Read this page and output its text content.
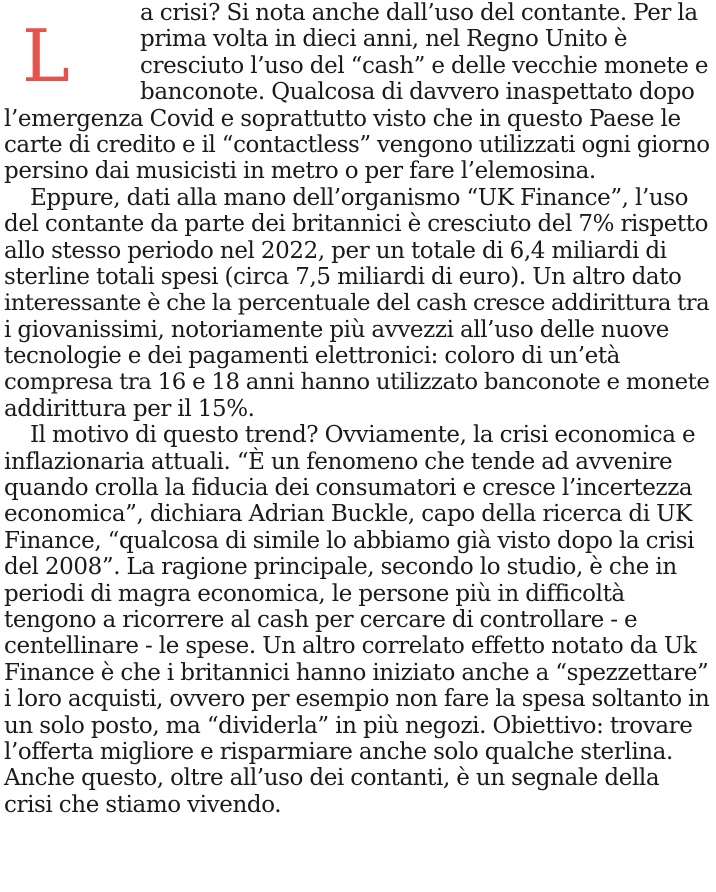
L

a crisi? Si nota anche dall’uso del contante. Per la
prima volta in dieci anni, nel Regno Unito è
cresciuto l’uso del “cash” e delle vecchie monete e
banconote. Qualcosa di davvero inaspettato dopo
l’emergenza Covid e soprattutto visto che in questo Paese le
carte di credito e il “contactless” vengono utilizzati ogni giorno
persino dai musicisti in metro o per fare l’elemosina.

Eppure, dati alla mano dell’organismo “UK Finance”, l’uso
del contante da parte dei britannici è cresciuto del 7% rispetto
allo stesso periodo nel 2022, per un totale di 6,4 miliardi di
sterline totali spesi (circa 7,5 miliardi di euro). Un altro dato
interessante è che la percentuale del cash cresce addirittura tra
i giovanissimi, notoriamente più avvezzi all’uso delle nuove
tecnologie e dei pagamenti elettronici: coloro di un’età
compresa tra 16 e 18 anni hanno utilizzato banconote e monete
addirittura per il 15%.

Il motivo di questo trend? Ovviamente, la crisi economica e
inflazionaria attuali. “È un fenomeno che tende ad avvenire
quando crolla la fiducia dei consumatori e cresce l’incertezza
economica”, dichiara Adrian Buckle, capo della ricerca di UK
Finance, “qualcosa di simile lo abbiamo già visto dopo la crisi
del 2008”. La ragione principale, secondo lo studio, è che in
periodi di magra economica, le persone più in difficoltà
tengono a ricorrere al cash per cercare di controllare - e
centellinare - le spese. Un altro correlato effetto notato da Uk
Finance è che i britannici hanno iniziato anche a “spezzettare”
i loro acquisti, ovvero per esempio non fare la spesa soltanto in
un solo posto, ma “dividerla” in più negozi. Obiettivo: trovare
l’offerta migliore e risparmiare anche solo qualche sterlina.
Anche questo, oltre all’uso dei contanti, è un segnale della
crisi che stiamo vivendo.
